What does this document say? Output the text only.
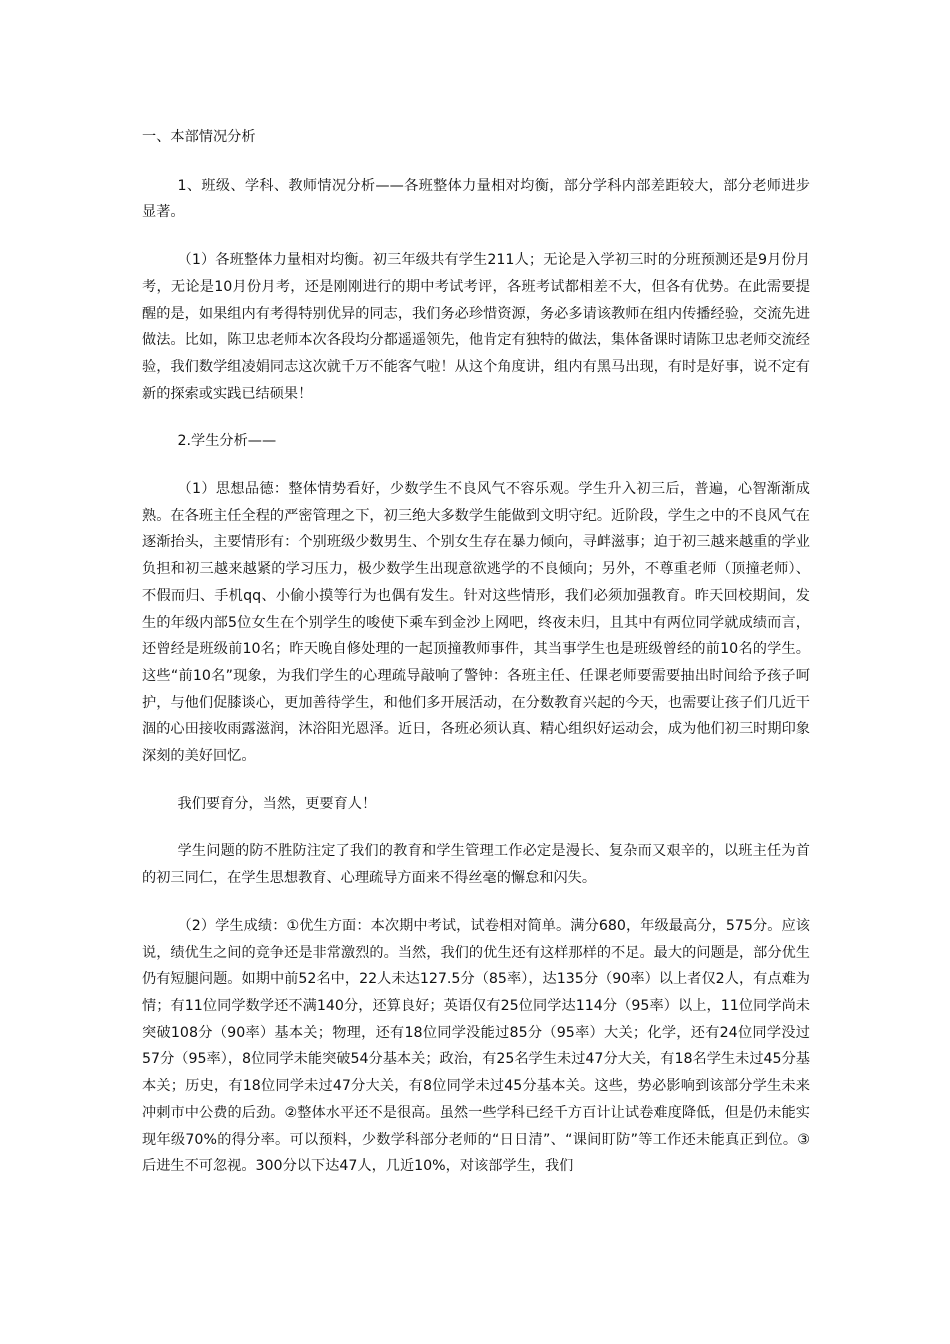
一、本部情况分析

1、班级、学科、教师情况分析——各班整体力量相对均衡，部分学科内部差距较大，部分老师进步显著。

（1）各班整体力量相对均衡。初三年级共有学生211人；无论是入学初三时的分班预测还是9月份月考，无论是10月份月考，还是刚刚进行的期中考试考评，各班考试都相差不大，但各有优势。在此需要提醒的是，如果组内有考得特别优异的同志，我们务必珍惜资源，务必多请该教师在组内传播经验，交流先进做法。比如，陈卫忠老师本次各段均分都遥遥领先，他肯定有独特的做法，集体备课时请陈卫忠老师交流经验，我们数学组凌娟同志这次就千万不能客气啦！从这个角度讲，组内有黑马出现，有时是好事，说不定有新的探索或实践已结硕果！

2.学生分析——

（1）思想品德：整体情势看好，少数学生不良风气不容乐观。学生升入初三后，普遍，心智渐渐成熟。在各班主任全程的严密管理之下，初三绝大多数学生能做到文明守纪。近阶段，学生之中的不良风气在逐渐抬头，主要情形有：个别班级少数男生、个别女生存在暴力倾向，寻衅滋事；迫于初三越来越重的学业负担和初三越来越紧的学习压力，极少数学生出现意欲逃学的不良倾向；另外，不尊重老师（顶撞老师）、不假而归、手机qq、小偷小摸等行为也偶有发生。针对这些情形，我们必须加强教育。昨天回校期间，发生的年级内部5位女生在个别学生的唆使下乘车到金沙上网吧，终夜未归，且其中有两位同学就成绩而言，还曾经是班级前10名；昨天晚自修处理的一起顶撞教师事件，其当事学生也是班级曾经的前10名的学生。这些“前10名”现象，为我们学生的心理疏导敲响了警钟：各班主任、任课老师要需要抽出时间给予孩子呵护，与他们促膝谈心，更加善待学生，和他们多开展活动，在分数教育兴起的今天，也需要让孩子们几近干涸的心田接收雨露滋润，沐浴阳光恩泽。近日，各班必须认真、精心组织好运动会，成为他们初三时期印象深刻的美好回忆。

我们要育分，当然，更要育人！

学生问题的防不胜防注定了我们的教育和学生管理工作必定是漫长、复杂而又艰辛的，以班主任为首的初三同仁，在学生思想教育、心理疏导方面来不得丝毫的懈怠和闪失。

（2）学生成绩：①优生方面：本次期中考试，试卷相对简单。满分680，年级最高分，575分。应该说，绩优生之间的竞争还是非常激烈的。当然，我们的优生还有这样那样的不足。最大的问题是，部分优生仍有短腿问题。如期中前52名中，22人未达127.5分（85率），达135分（90率）以上者仅2人，有点难为情；有11位同学数学还不满140分，还算良好；英语仅有25位同学达114分（95率）以上，11位同学尚未突破108分（90率）基本关；物理，还有18位同学没能过85分（95率）大关；化学，还有24位同学没过57分（95率），8位同学未能突破54分基本关；政治，有25名学生未过47分大关，有18名学生未过45分基本关；历史，有18位同学未过47分大关，有8位同学未过45分基本关。这些，势必影响到该部分学生未来冲刺市中公费的后劲。②整体水平还不是很高。虽然一些学科已经千方百计让试卷难度降低，但是仍未能实现年级70%的得分率。可以预料，少数学科部分老师的“日日清”、“课间盯防”等工作还未能真正到位。③后进生不可忽视。300分以下达47人，几近10%，对该部学生，我们
